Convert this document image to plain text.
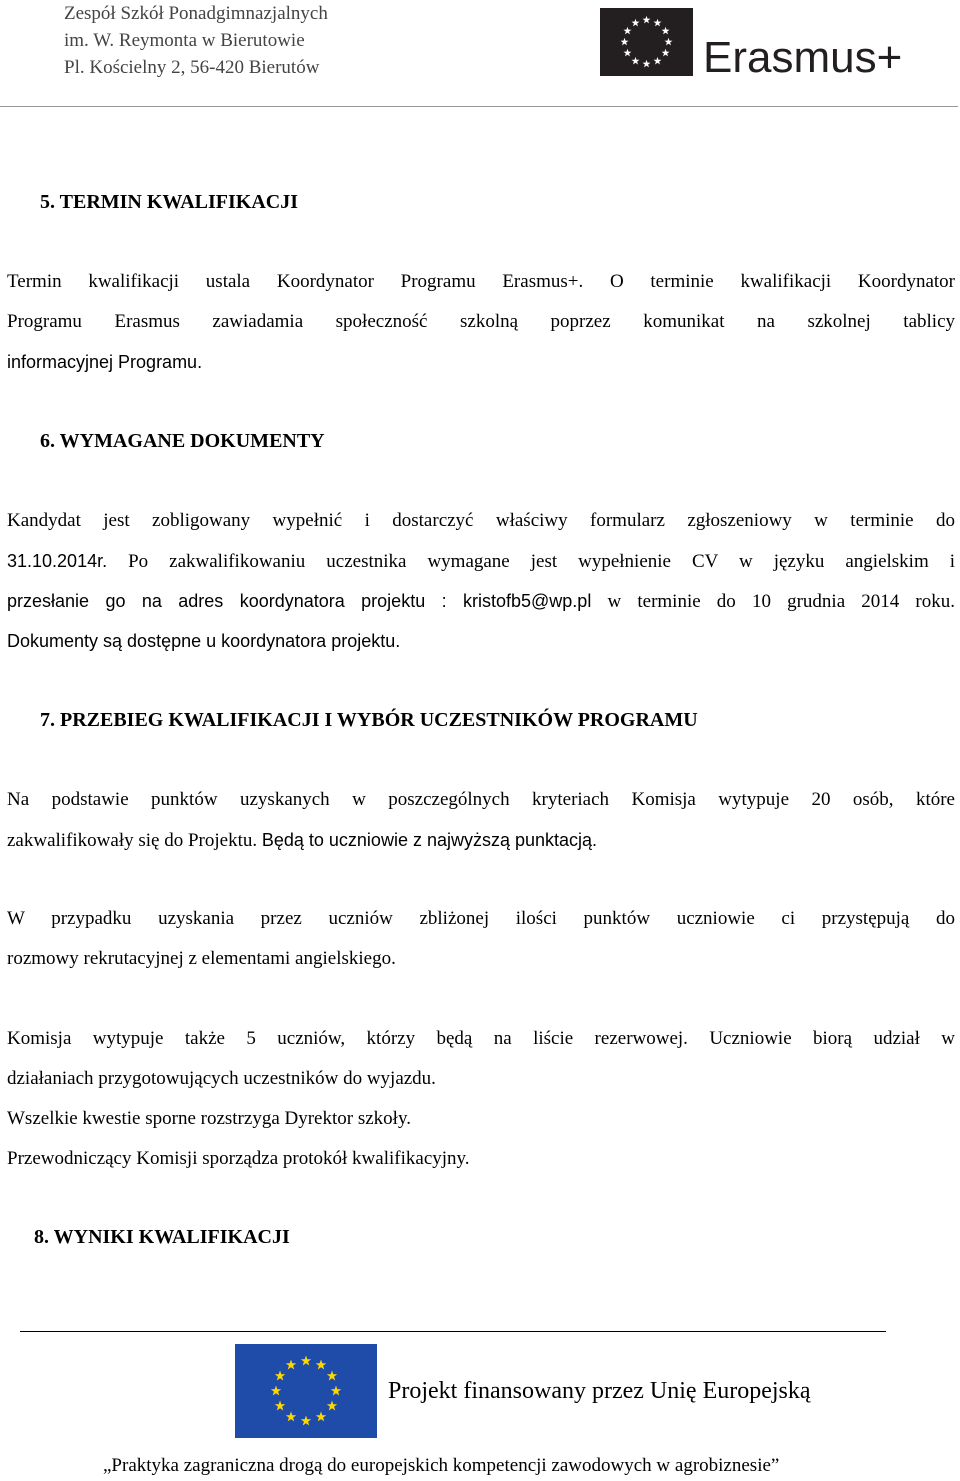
Zespół Szkół Ponadgimnazjalnych
im. W. Reymonta w Bierutowie
Pl. Kościelny 2, 56-420 Bierutów	Erasmus+
5. TERMIN KWALIFIKACJI
Termin kwalifikacji ustala Koordynator Programu Erasmus+. O terminie kwalifikacji Koordynator
Programu Erasmus zawiadamia społeczność szkolną poprzez komunikat na szkolnej tablicy
informacyjnej Programu.
6. WYMAGANE DOKUMENTY
Kandydat jest zobligowany wypełnić i dostarczyć właściwy formularz zgłoszeniowy w terminie do
31.10.2014r. Po zakwalifikowaniu uczestnika wymagane jest wypełnienie CV w języku angielskim i
przesłanie go na adres koordynatora projektu : kristofb5@wp.pl w terminie do 10 grudnia 2014 roku.
Dokumenty są dostępne u koordynatora projektu.
7. PRZEBIEG KWALIFIKACJI I WYBÓR UCZESTNIKÓW PROGRAMU
Na podstawie punktów uzyskanych w poszczególnych kryteriach Komisja wytypuje 20 osób, które
zakwalifikowały się do Projektu. Będą to uczniowie z najwyższą punktacją.
W przypadku uzyskania przez uczniów zbliżonej ilości punktów uczniowie ci przystępują do
rozmowy rekrutacyjnej z elementami angielskiego.
Komisja wytypuje także 5 uczniów, którzy będą na liście rezerwowej. Uczniowie biorą udział w
działaniach przygotowujących uczestników do wyjazdu.
Wszelkie kwestie sporne rozstrzyga Dyrektor szkoły.
Przewodniczący Komisji sporządza protokół kwalifikacyjny.
8. WYNIKI KWALIFIKACJI
Projekt finansowany przez Unię Europejską
„Praktyka zagraniczna drogą do europejskich kompetencji zawodowych w agrobiznesie”
